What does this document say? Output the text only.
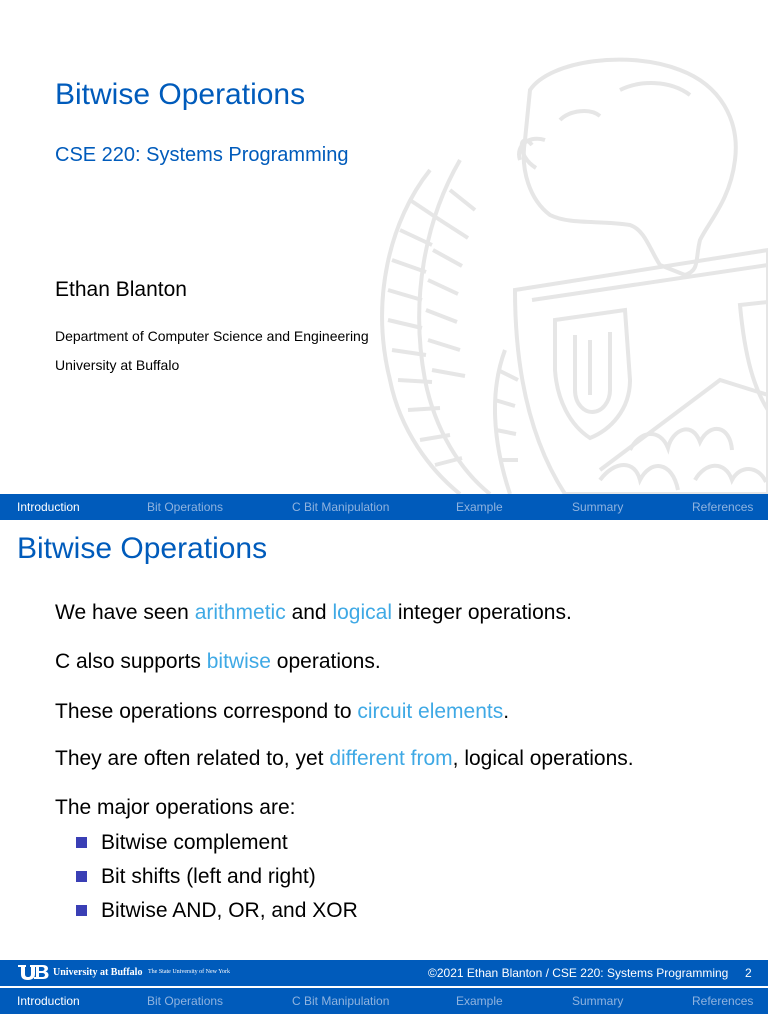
Bitwise Operations
CSE 220: Systems Programming
Ethan Blanton
Department of Computer Science and Engineering
University at Buffalo
Introduction	Bit Operations	C Bit Manipulation	Example	Summary	References
Bitwise Operations
We have seen arithmetic and logical integer operations.
C also supports bitwise operations.
These operations correspond to circuit elements.
They are often related to, yet different from, logical operations.
The major operations are:
Bitwise complement
Bit shifts (left and right)
Bitwise AND, OR, and XOR
University at Buffalo The State University of New York	©2021 Ethan Blanton / CSE 220: Systems Programming 2
Introduction	Bit Operations	C Bit Manipulation	Example	Summary	References
